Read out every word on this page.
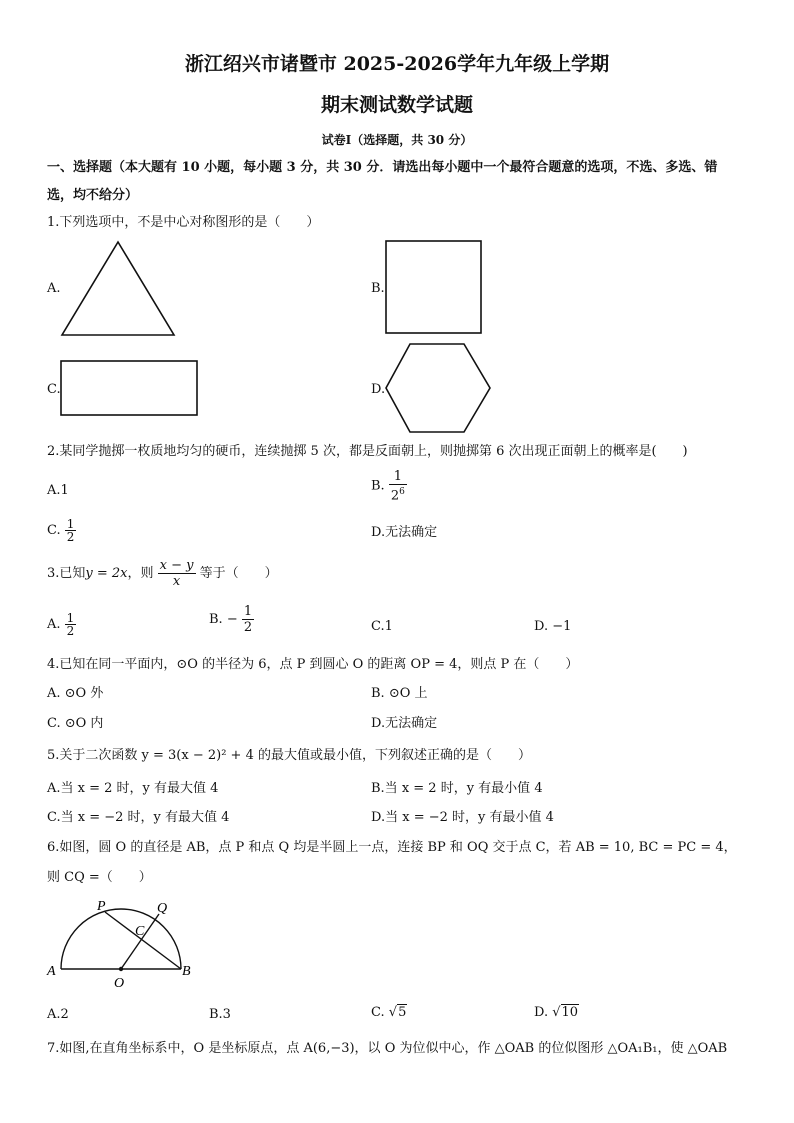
浙江绍兴市诸暨市 2025-2026学年九年级上学期
期末测试数学试题
试卷Ⅰ（选择题，共 30 分）
一、选择题（本大题有 10 小题，每小题 3 分，共 30 分．请选出每小题中一个最符合题意的选项，不选、多选、错
选，均不给分）
1.下列选项中，不是中心对称图形的是（　　）
A.	B.
C.	D.
2.某同学抛掷一枚质地均匀的硬币，连续抛掷 5 次，都是反面朝上，则抛掷第 6 次出现正面朝上的概率是(　　)
A.1	B. $\frac{1}{2^6}$
C. $\frac{1}{2}$	D.无法确定
3.已知y = 2x，则 $\frac{x - y}{x}$ 等于（　　）
A. $\frac{1}{2}$	B. − $\frac{1}{2}$	C.1	D. −1
4.已知在同一平面内，⊙O 的半径为 6，点 P 到圆心 O 的距离 OP = 4，则点 P 在（　　）
A. ⊙O 外	B. ⊙O 上
C. ⊙O 内	D.无法确定
5.关于二次函数 y = 3(x − 2)² + 4 的最大值或最小值，下列叙述正确的是（　　）
A.当 x = 2 时，y 有最大值 4	B.当 x = 2 时，y 有最小值 4
C.当 x = −2 时，y 有最大值 4	D.当 x = −2 时，y 有最小值 4
6.如图，圆 O 的直径是 AB，点 P 和点 Q 均是半圆上一点，连接 BP 和 OQ 交于点 C，若 AB = 10, BC = PC = 4，
则 CQ =（　　）
P	Q
C
A	B
O
A.2	B.3	C. √5	D. √10
7.如图,在直角坐标系中，O 是坐标原点，点 A(6,−3)，以 O 为位似中心，作 △OAB 的位似图形 △OA₁B₁，使 △OAB
